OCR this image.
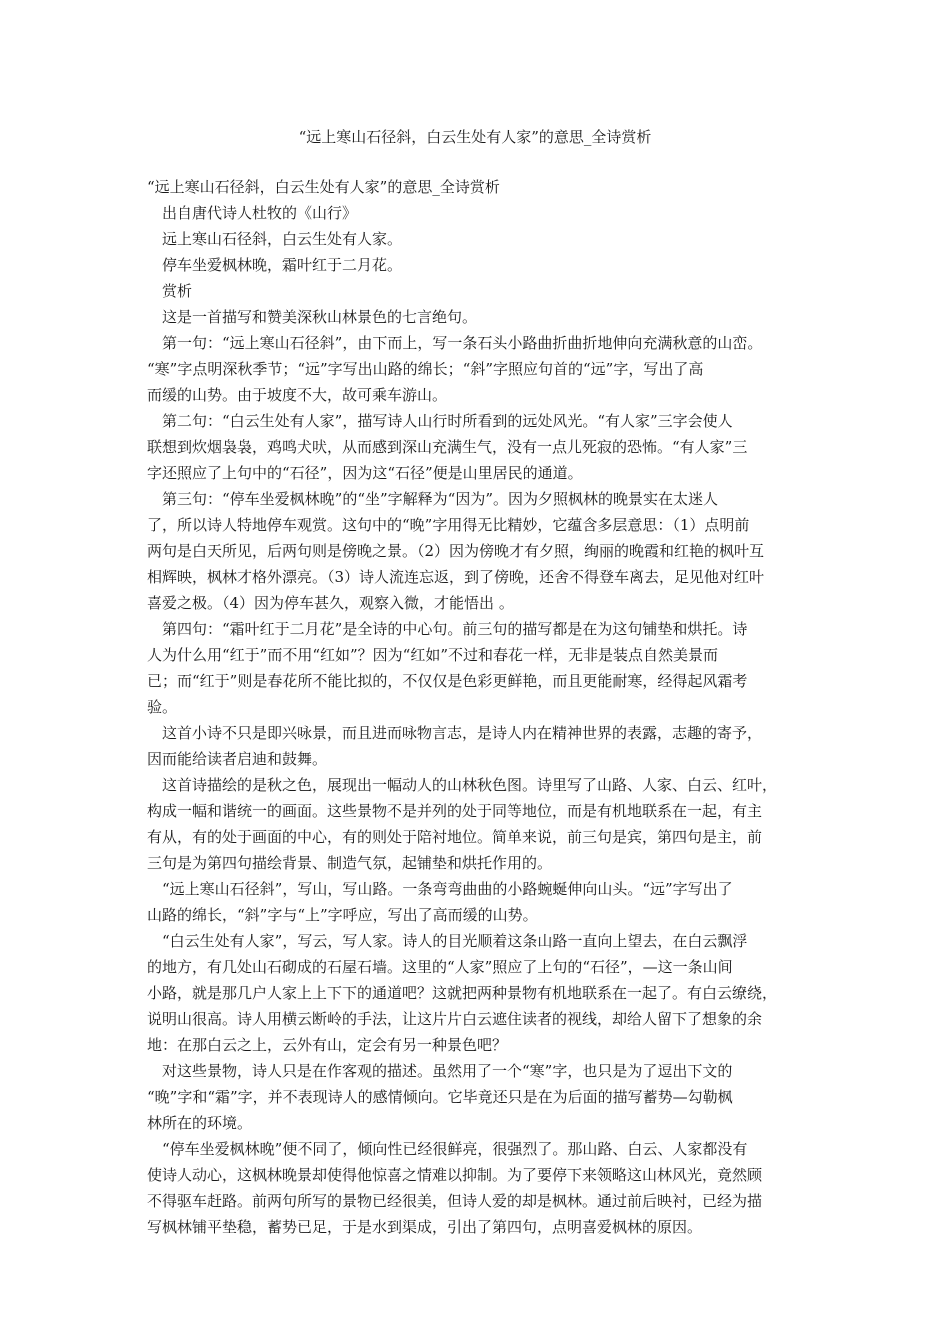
“远上寒山石径斜，白云生处有人家”的意思_全诗赏析
“远上寒山石径斜，白云生处有人家”的意思_全诗赏析
　出自唐代诗人杜牧的《山行》
　远上寒山石径斜，白云生处有人家。
　停车坐爱枫林晚，霜叶红于二月花。
　赏析
　这是一首描写和赞美深秋山林景色的七言绝句。
　第一句：“远上寒山石径斜”，由下而上，写一条石头小路曲折曲折地伸向充满秋意的山峦。
“寒”字点明深秋季节；“远”字写出山路的绵长；“斜”字照应句首的“远”字，写出了高
而缓的山势。由于坡度不大，故可乘车游山。
　第二句：“白云生处有人家”，描写诗人山行时所看到的远处风光。“有人家”三字会使人
联想到炊烟袅袅，鸡鸣犬吠，从而感到深山充满生气，没有一点儿死寂的恐怖。“有人家”三
字还照应了上句中的“石径”，因为这“石径”便是山里居民的通道。
　第三句：“停车坐爱枫林晚”的“坐”字解释为“因为”。因为夕照枫林的晚景实在太迷人
了，所以诗人特地停车观赏。这句中的“晚”字用得无比精妙，它蕴含多层意思：（1）点明前
两句是白天所见，后两句则是傍晚之景。（2）因为傍晚才有夕照，绚丽的晚霞和红艳的枫叶互
相辉映，枫林才格外漂亮。（3）诗人流连忘返，到了傍晚，还舍不得登车离去，足见他对红叶
喜爱之极。（4）因为停车甚久，观察入微，才能悟出 。
　第四句：“霜叶红于二月花”是全诗的中心句。前三句的描写都是在为这句铺垫和烘托。诗
人为什么用“红于”而不用“红如”？因为“红如”不过和春花一样，无非是装点自然美景而
已；而“红于”则是春花所不能比拟的，不仅仅是色彩更鲜艳，而且更能耐寒，经得起风霜考
验。
　这首小诗不只是即兴咏景，而且进而咏物言志，是诗人内在精神世界的表露，志趣的寄予，
因而能给读者启迪和鼓舞。
　这首诗描绘的是秋之色，展现出一幅动人的山林秋色图。诗里写了山路、人家、白云、红叶，
构成一幅和谐统一的画面。这些景物不是并列的处于同等地位，而是有机地联系在一起，有主
有从，有的处于画面的中心，有的则处于陪衬地位。简单来说，前三句是宾，第四句是主，前
三句是为第四句描绘背景、制造气氛，起铺垫和烘托作用的。
　“远上寒山石径斜”，写山，写山路。一条弯弯曲曲的小路蜿蜒伸向山头。“远”字写出了
山路的绵长，“斜”字与“上”字呼应，写出了高而缓的山势。
　“白云生处有人家”，写云，写人家。诗人的目光顺着这条山路一直向上望去，在白云飘浮
的地方，有几处山石砌成的石屋石墙。这里的“人家”照应了上句的“石径”，—这一条山间
小路，就是那几户人家上上下下的通道吧？这就把两种景物有机地联系在一起了。有白云缭绕，
说明山很高。诗人用横云断岭的手法，让这片片白云遮住读者的视线，却给人留下了想象的余
地：在那白云之上，云外有山，定会有另一种景色吧？
　对这些景物，诗人只是在作客观的描述。虽然用了一个“寒”字，也只是为了逗出下文的
“晚”字和“霜”字，并不表现诗人的感情倾向。它毕竟还只是在为后面的描写蓄势—勾勒枫
林所在的环境。
　“停车坐爱枫林晚”便不同了，倾向性已经很鲜亮，很强烈了。那山路、白云、人家都没有
使诗人动心，这枫林晚景却使得他惊喜之情难以抑制。为了要停下来领略这山林风光，竟然顾
不得驱车赶路。前两句所写的景物已经很美，但诗人爱的却是枫林。通过前后映衬，已经为描
写枫林铺平垫稳，蓄势已足，于是水到渠成，引出了第四句，点明喜爱枫林的原因。
